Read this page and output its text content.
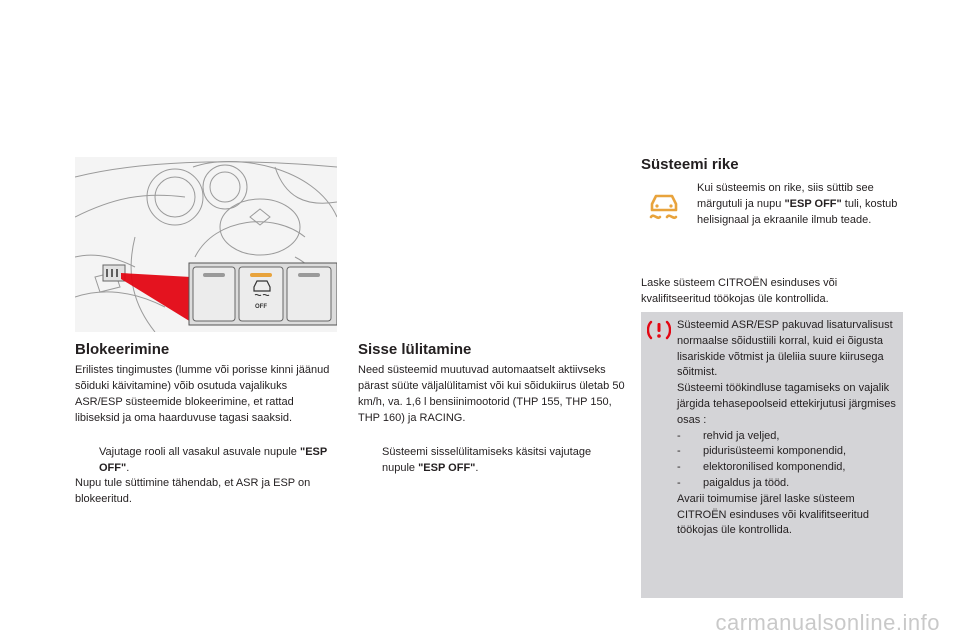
OFF
Blokeerimine

Erilistes tingimustes (lumme või porisse kinni jäänud sõiduki käivitamine) võib osutuda vajalikuks ASR/ESP süsteemide blokeerimine, et rattad libiseksid ja oma haarduvuse tagasi saaksid.

Vajutage rooli all vasakul asuvale nupule "ESP OFF".

Nupu tule süttimine tähendab, et ASR ja ESP on blokeeritud.

Sisse lülitamine

Need süsteemid muutuvad automaatselt aktiivseks pärast süüte väljalülitamist või kui sõidukiirus ületab 50 km/h, va. 1,6 l bensiinimootorid (THP 155, THP 150, THP 160) ja RACING.

Süsteemi sisselülitamiseks käsitsi vajutage nupule "ESP OFF".

Süsteemi rike

Kui süsteemis on rike, siis süttib see märgutuli ja nupu "ESP OFF" tuli, kostub helisignaal ja ekraanile ilmub teade.

Laske süsteem CITROËN esinduses või kvalifitseeritud töökojas üle kontrollida.

Süsteemid ASR/ESP pakuvad lisaturvalisust normaalse sõidustiili korral, kuid ei õigusta lisariskide võtmist ja üleliia suure kiirusega sõitmist.
Süsteemi töökindluse tagamiseks on vajalik järgida tehasepoolseid ettekirjutusi järgmises osas :
- rehvid ja veljed,
- pidurisüsteemi komponendid,
- elektoronilised komponendid,
- paigaldus ja tööd.
Avarii toimumise järel laske süsteem CITROËN esinduses või kvalifitseeritud töökojas üle kontrollida.
carmanualsonline.info
